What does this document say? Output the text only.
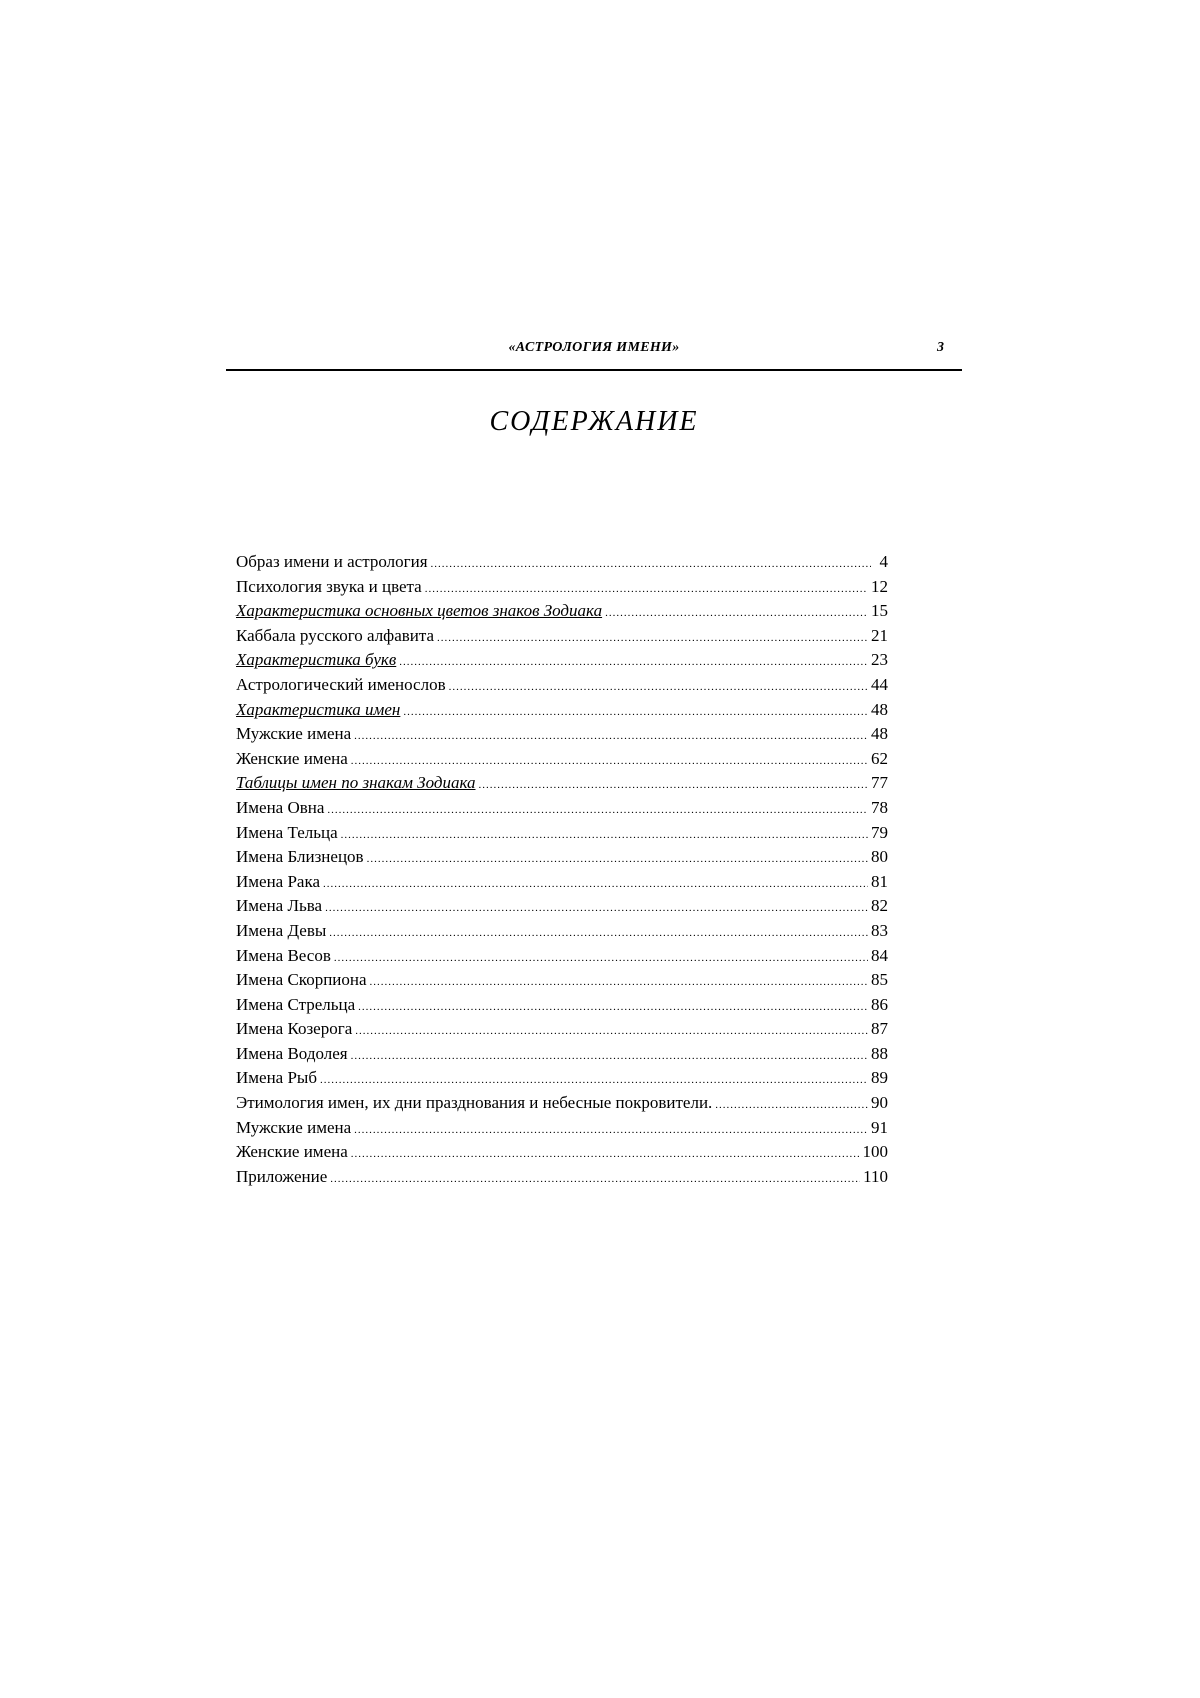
«АСТРОЛОГИЯ ИМЕНИ»	3
СОДЕРЖАНИЕ
Образ имени и астрология .....	4
Психология звука и цвета .....	12
Характеристика основных цветов знаков Зодиака .....	15
Каббала русского алфавита .....	21
Характеристика букв .....	23
Астрологический именослов .....	44
Характеристика имен .....	48
Мужские имена .....	48
Женские имена .....	62
Таблицы имен по знакам Зодиака .....	77
Имена Овна .....	78
Имена Тельца .....	79
Имена Близнецов .....	80
Имена Рака .....	81
Имена Льва .....	82
Имена Девы .....	83
Имена Весов .....	84
Имена Скорпиона .....	85
Имена Стрельца .....	86
Имена Козерога .....	87
Имена Водолея .....	88
Имена Рыб .....	89
Этимология имен, их дни празднования и небесные покровители. .....	90
Мужские имена .....	91
Женские имена .....	100
Приложение .....	110
